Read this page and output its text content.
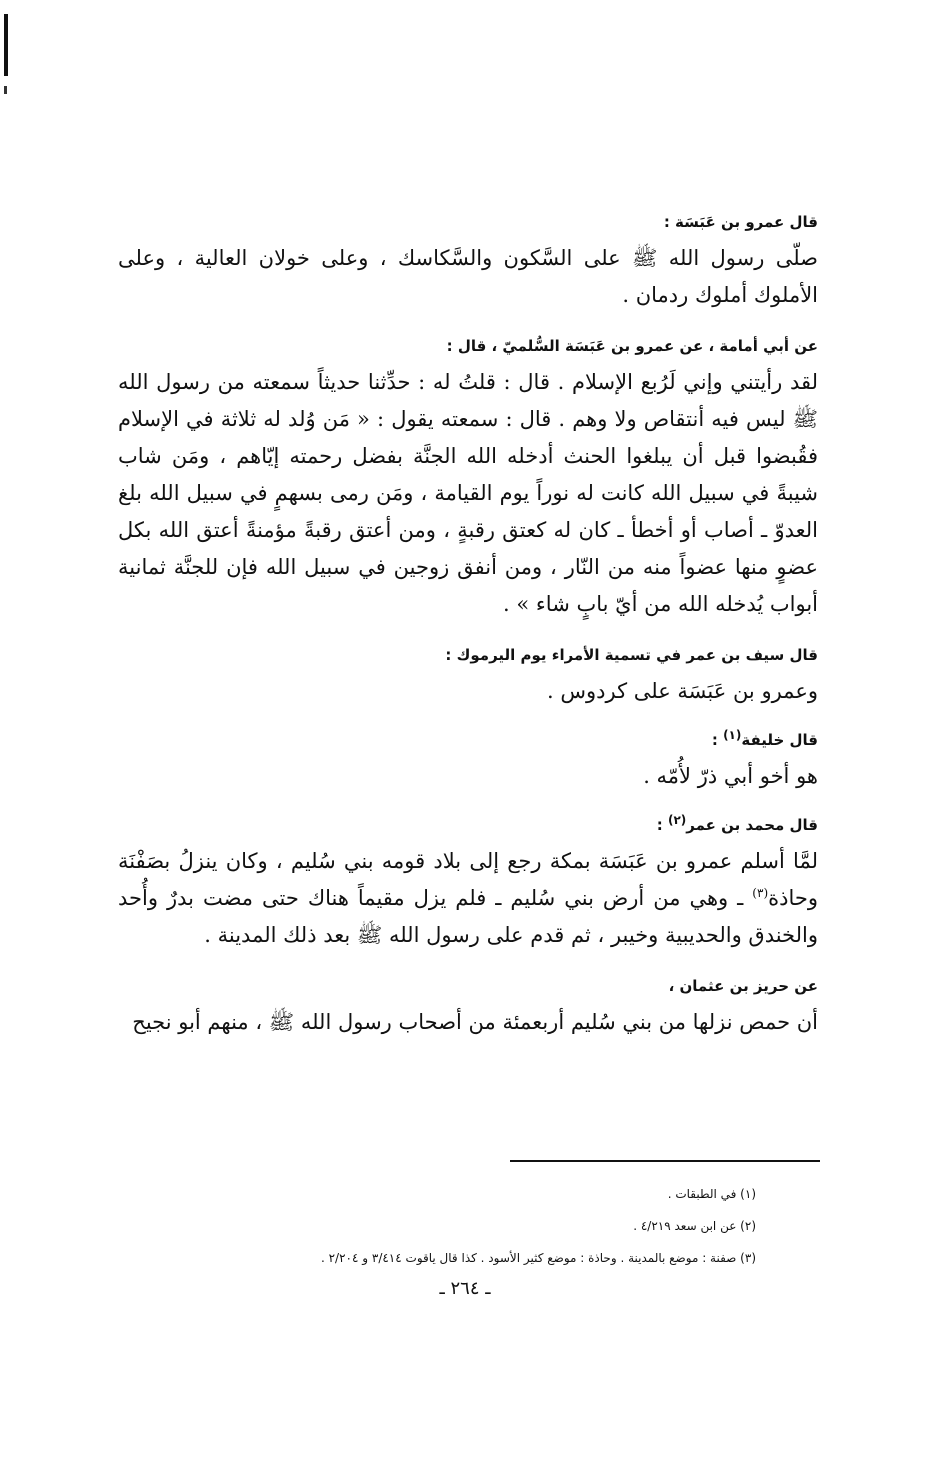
قال عمرو بن عَبَسَة :

صلّى رسول الله ﷺ على السَّكون والسَّكاسك ، وعلى خولان العالية ، وعلى الأملوك أملوك ردمان .

عن أبي أمامة ، عن عمرو بن عَبَسَة السُّلميّ ، قال :

لقد رأيتني وإني لَرُبع الإسلام . قال : قلتُ له : حدِّثنا حديثاً سمعته من رسول الله ﷺ ليس فيه أنتقاص ولا وهم . قال : سمعته يقول : « مَن وُلد له ثلاثة في الإسلام فقُبضوا قبل أن يبلغوا الحنث أدخله الله الجنَّة بفضل رحمته إيّاهم ، ومَن شاب شيبةً في سبيل الله كانت له نوراً يوم القيامة ، ومَن رمى بسهمٍ في سبيل الله بلغ العدوّ ـ أصاب أو أخطأ ـ كان له كعتق رقبةٍ ، ومن أعتق رقبةً مؤمنةً أعتق الله بكل عضوٍ منها عضواً منه من النّار ، ومن أنفق زوجين في سبيل الله فإن للجنَّة ثمانية أبواب يُدخله الله من أيّ بابٍ شاء » .

قال سيف بن عمر في تسمية الأمراء يوم اليرموك :

وعمرو بن عَبَسَة على كردوس .

قال خليفة$^{(١)}$ :

هو أخو أبي ذرّ لأُمّه .

قال محمد بن عمر$^{(٢)}$ :

لمَّا أسلم عمرو بن عَبَسَة بمكة رجع إلى بلاد قومه بني سُليم ، وكان ينزلُ بصَفْنَة وحاذة$^{(٣)}$ ـ وهي من أرض بني سُليم ـ فلم يزل مقيماً هناك حتى مضت بدرٌ وأُحد والخندق والحديبية وخيبر ، ثم قدم على رسول الله ﷺ بعد ذلك المدينة .

عن حريز بن عثمان ،

أن حمص نزلها من بني سُليم أربعمئة من أصحاب رسول الله ﷺ ، منهم أبو نجيح

(١) في الطبقات .

(٢) عن ابن سعد ٤/٢١٩ .

(٣) صفنة : موضع بالمدينة . وحاذة : موضع كثير الأسود . كذا قال ياقوت ٣/٤١٤ و ٢/٢٠٤ .

ـ ٢٦٤ ـ
